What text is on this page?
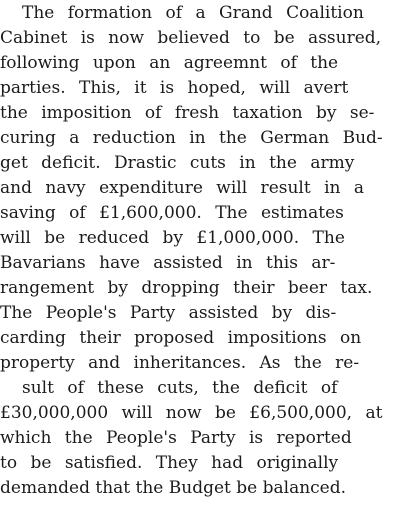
The formation of a Grand Coalition
Cabinet is now believed to be assured,
following upon an agreemnt of the
parties. This, it is hoped, will avert
the imposition of fresh taxation by se-
curing a reduction in the German Bud-
get deficit. Drastic cuts in the army
and navy expenditure will result in a
saving of £1,600,000. The estimates
will be reduced by £1,000,000. The
Bavarians have assisted in this ar-
rangement by dropping their beer tax.
The People's Party assisted by dis-
carding their proposed impositions on
property and inheritances. As the re-
sult of these cuts, the deficit of
£30,000,000 will now be £6,500,000, at
which the People's Party is reported
to be satisfied. They had originally
demanded that the Budget be balanced.
